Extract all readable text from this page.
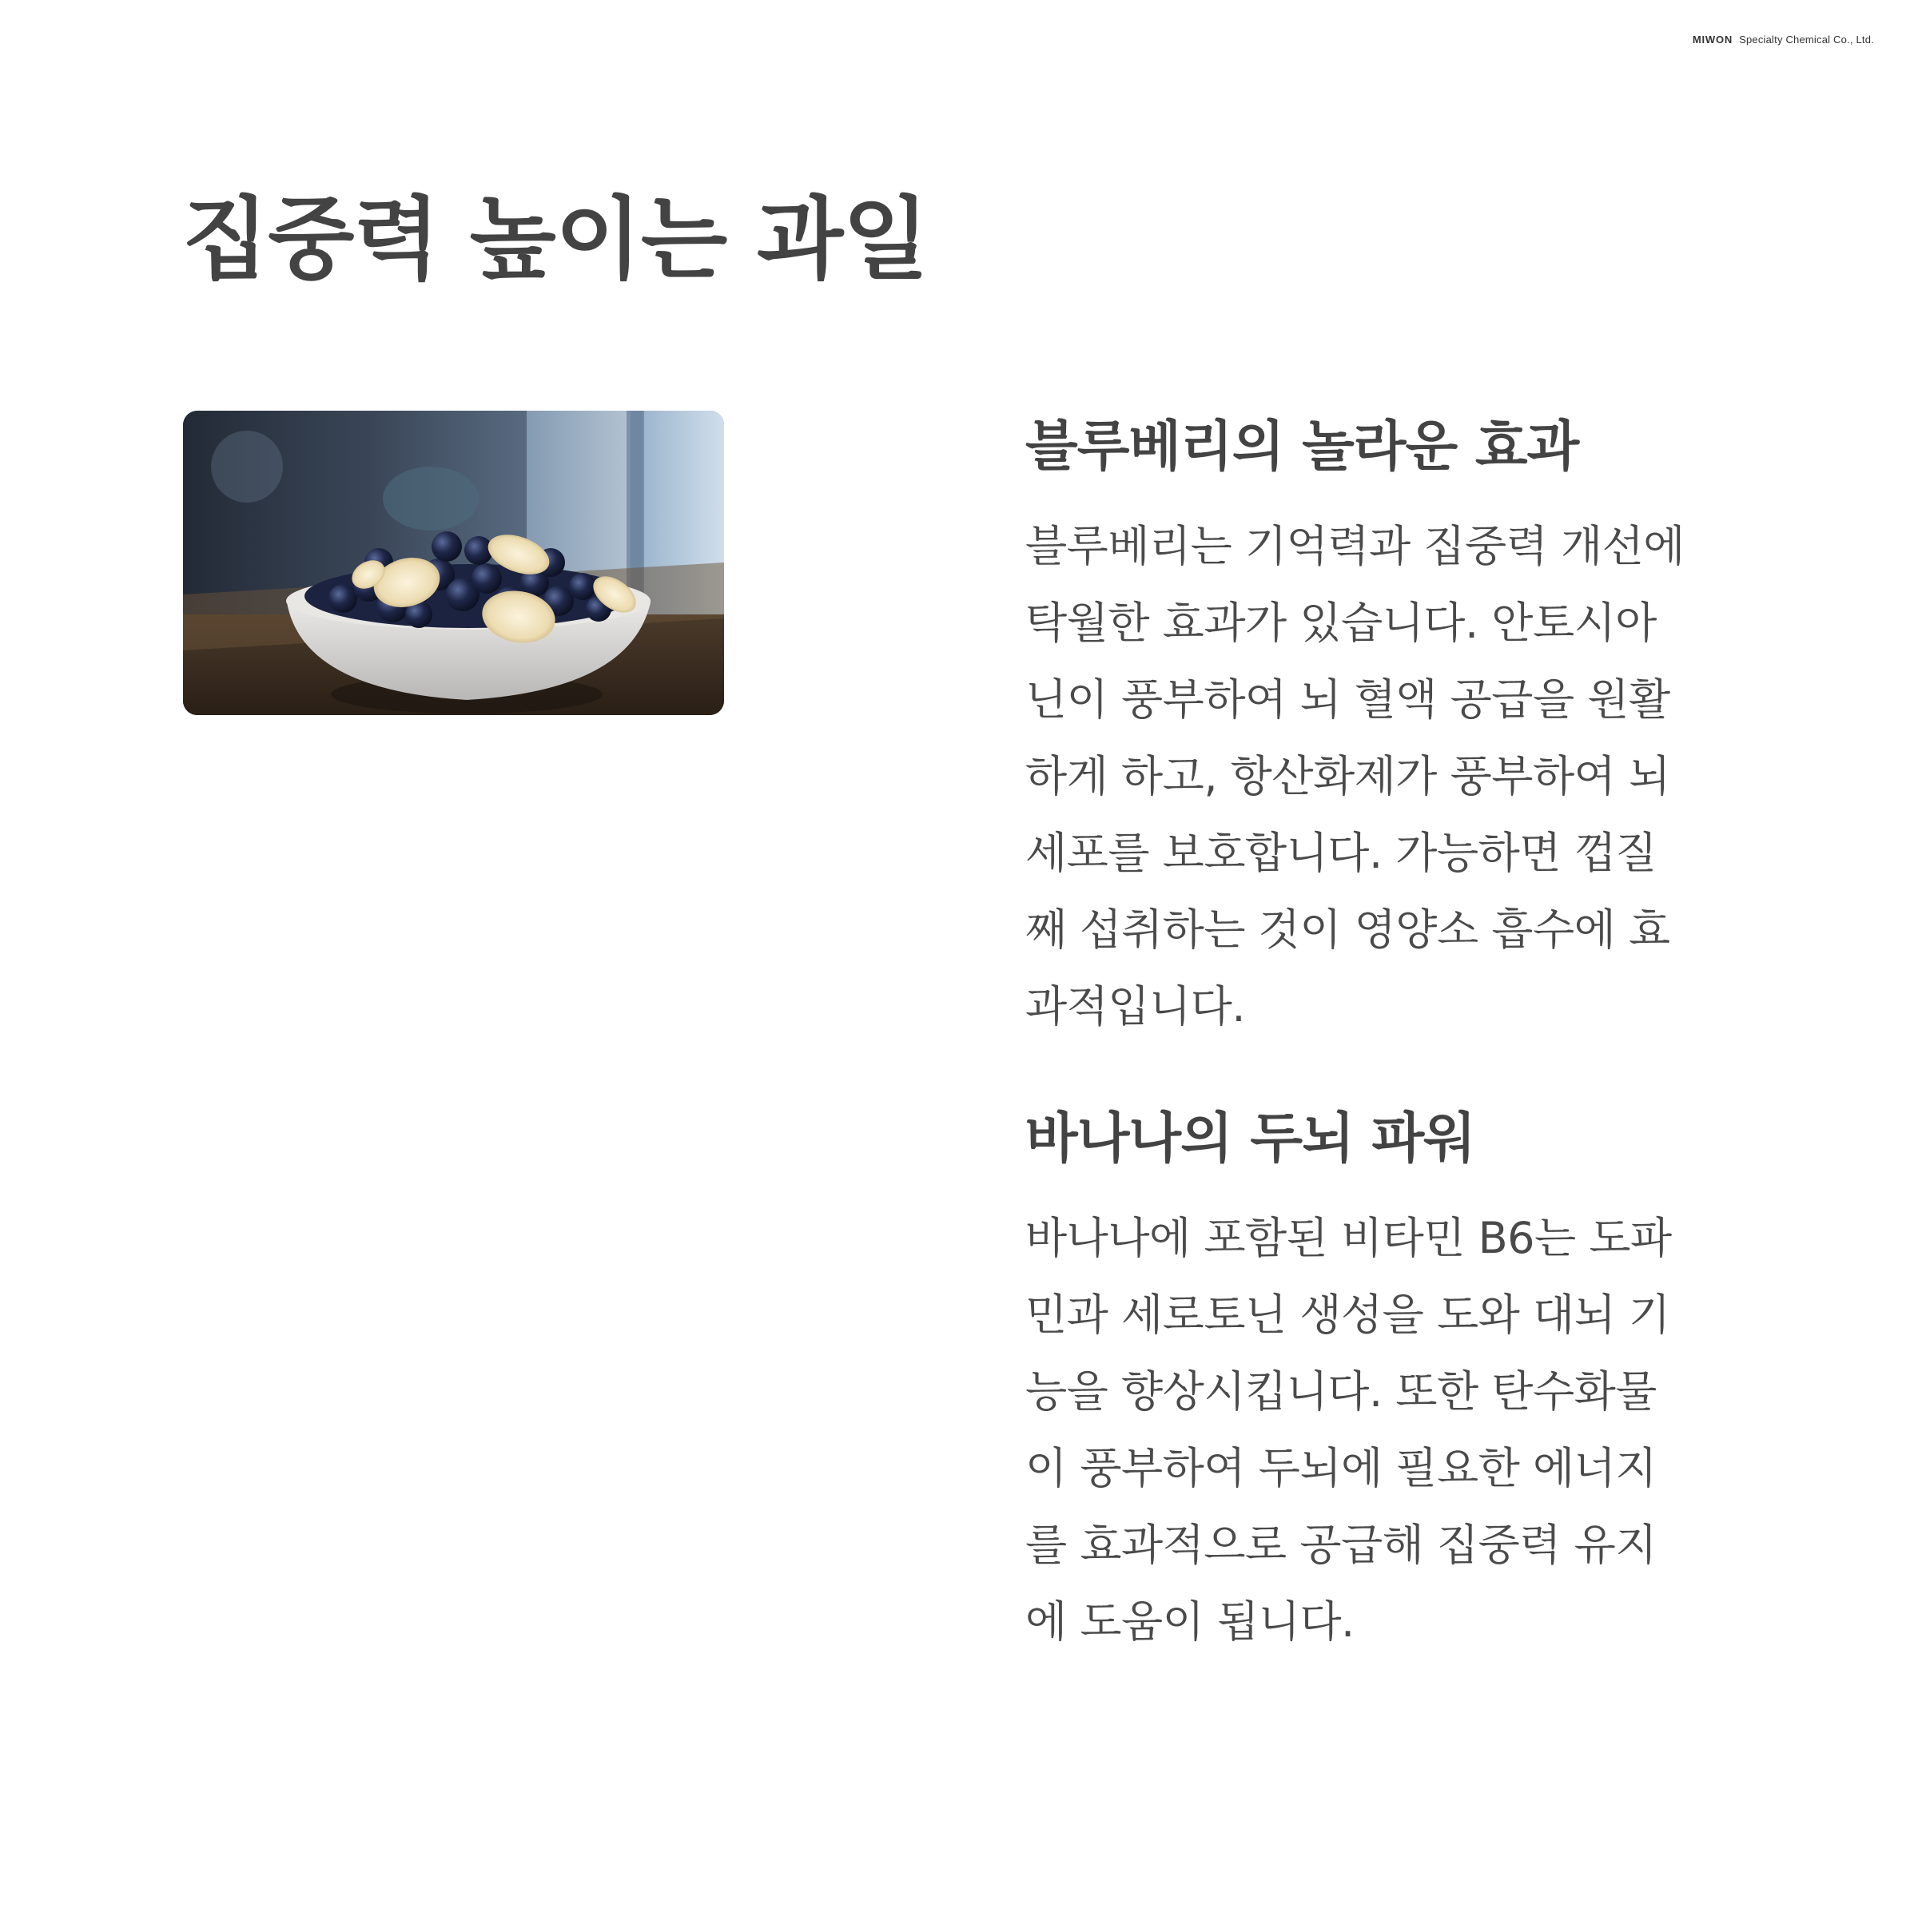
MIWON Specialty Chemical Co., Ltd.
집중력 높이는 과일
블루베리의 놀라운 효과

블루베리는 기억력과 집중력 개선에
탁월한 효과가 있습니다. 안토시아
닌이 풍부하여 뇌 혈액 공급을 원활
하게 하고, 항산화제가 풍부하여 뇌
세포를 보호합니다. 가능하면 껍질
째 섭취하는 것이 영양소 흡수에 효
과적입니다.

바나나의 두뇌 파워

바나나에 포함된 비타민 B6는 도파
민과 세로토닌 생성을 도와 대뇌 기
능을 향상시킵니다. 또한 탄수화물
이 풍부하여 두뇌에 필요한 에너지
를 효과적으로 공급해 집중력 유지
에 도움이 됩니다.
